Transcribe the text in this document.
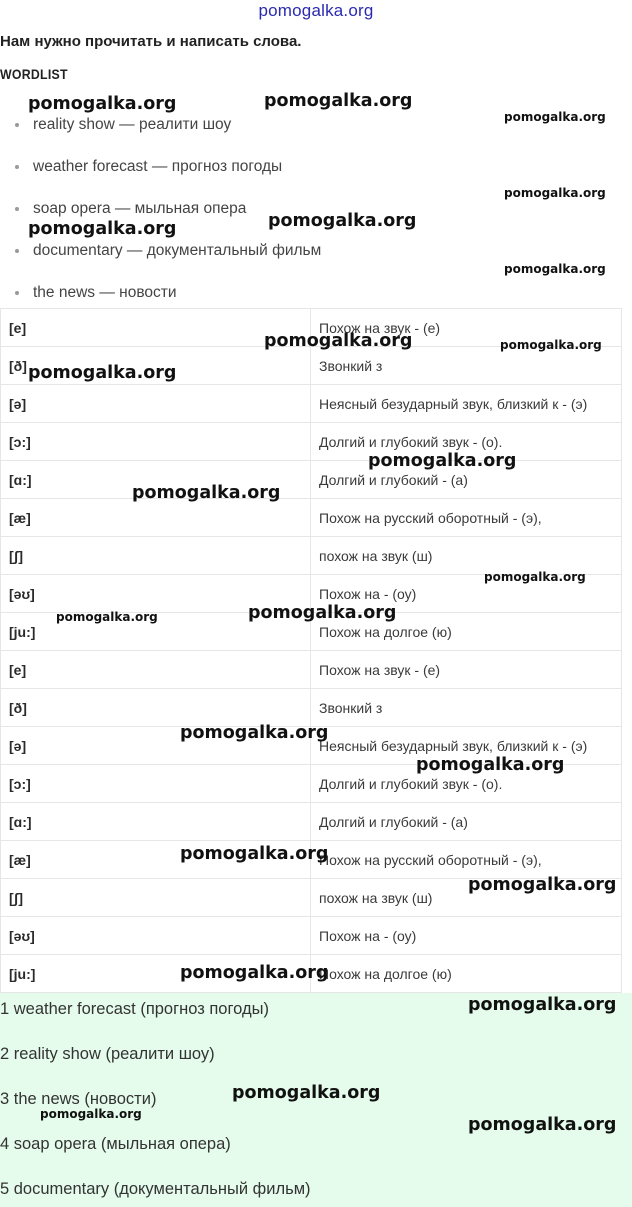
pomogalka.org
Нам нужно прочитать и написать слова.
WORDLIST
reality show — реалити шоу
weather forecast — прогноз погоды
soap opera — мыльная опера
documentary — документальный фильм
the news — новости
[e]	Похож на звук - (е)
[ð]	Звонкий з
[ə]	Неясный безударный звук, близкий к - (э)
[ɔ:]	Долгий и глубокий звук - (о).
[ɑ:]	Долгий и глубокий - (а)
[æ]	Похож на русский оборотный - (э),
[ʃ]	похож на звук (ш)
[əʊ]	Похож на - (оу)
[ju:]	Похож на долгое (ю)
[e]	Похож на звук - (е)
[ð]	Звонкий з
[ə]	Неясный безударный звук, близкий к - (э)
[ɔ:]	Долгий и глубокий звук - (о).
[ɑ:]	Долгий и глубокий - (а)
[æ]	Похож на русский оборотный - (э),
[ʃ]	похож на звук (ш)
[əʊ]	Похож на - (оу)
[ju:]	Похож на долгое (ю)
1 weather forecast (прогноз погоды)
2 reality show (реалити шоу)
3 the news (новости)
4 soap opera (мыльная опера)
5 documentary (документальный фильм)
pomogalka.org	pomogalka.org
pomogalka.org
pomogalka.org
pomogalka.org
pomogalka.org
pomogalka.org
pomogalka.org	pomogalka.org
pomogalka.org
pomogalka.org
pomogalka.org
pomogalka.org
pomogalka.org
pomogalka.org
pomogalka.org
pomogalka.org
pomogalka.org
pomogalka.org
pomogalka.org
pomogalka.org
pomogalka.org
pomogalka.org
pomogalka.org
